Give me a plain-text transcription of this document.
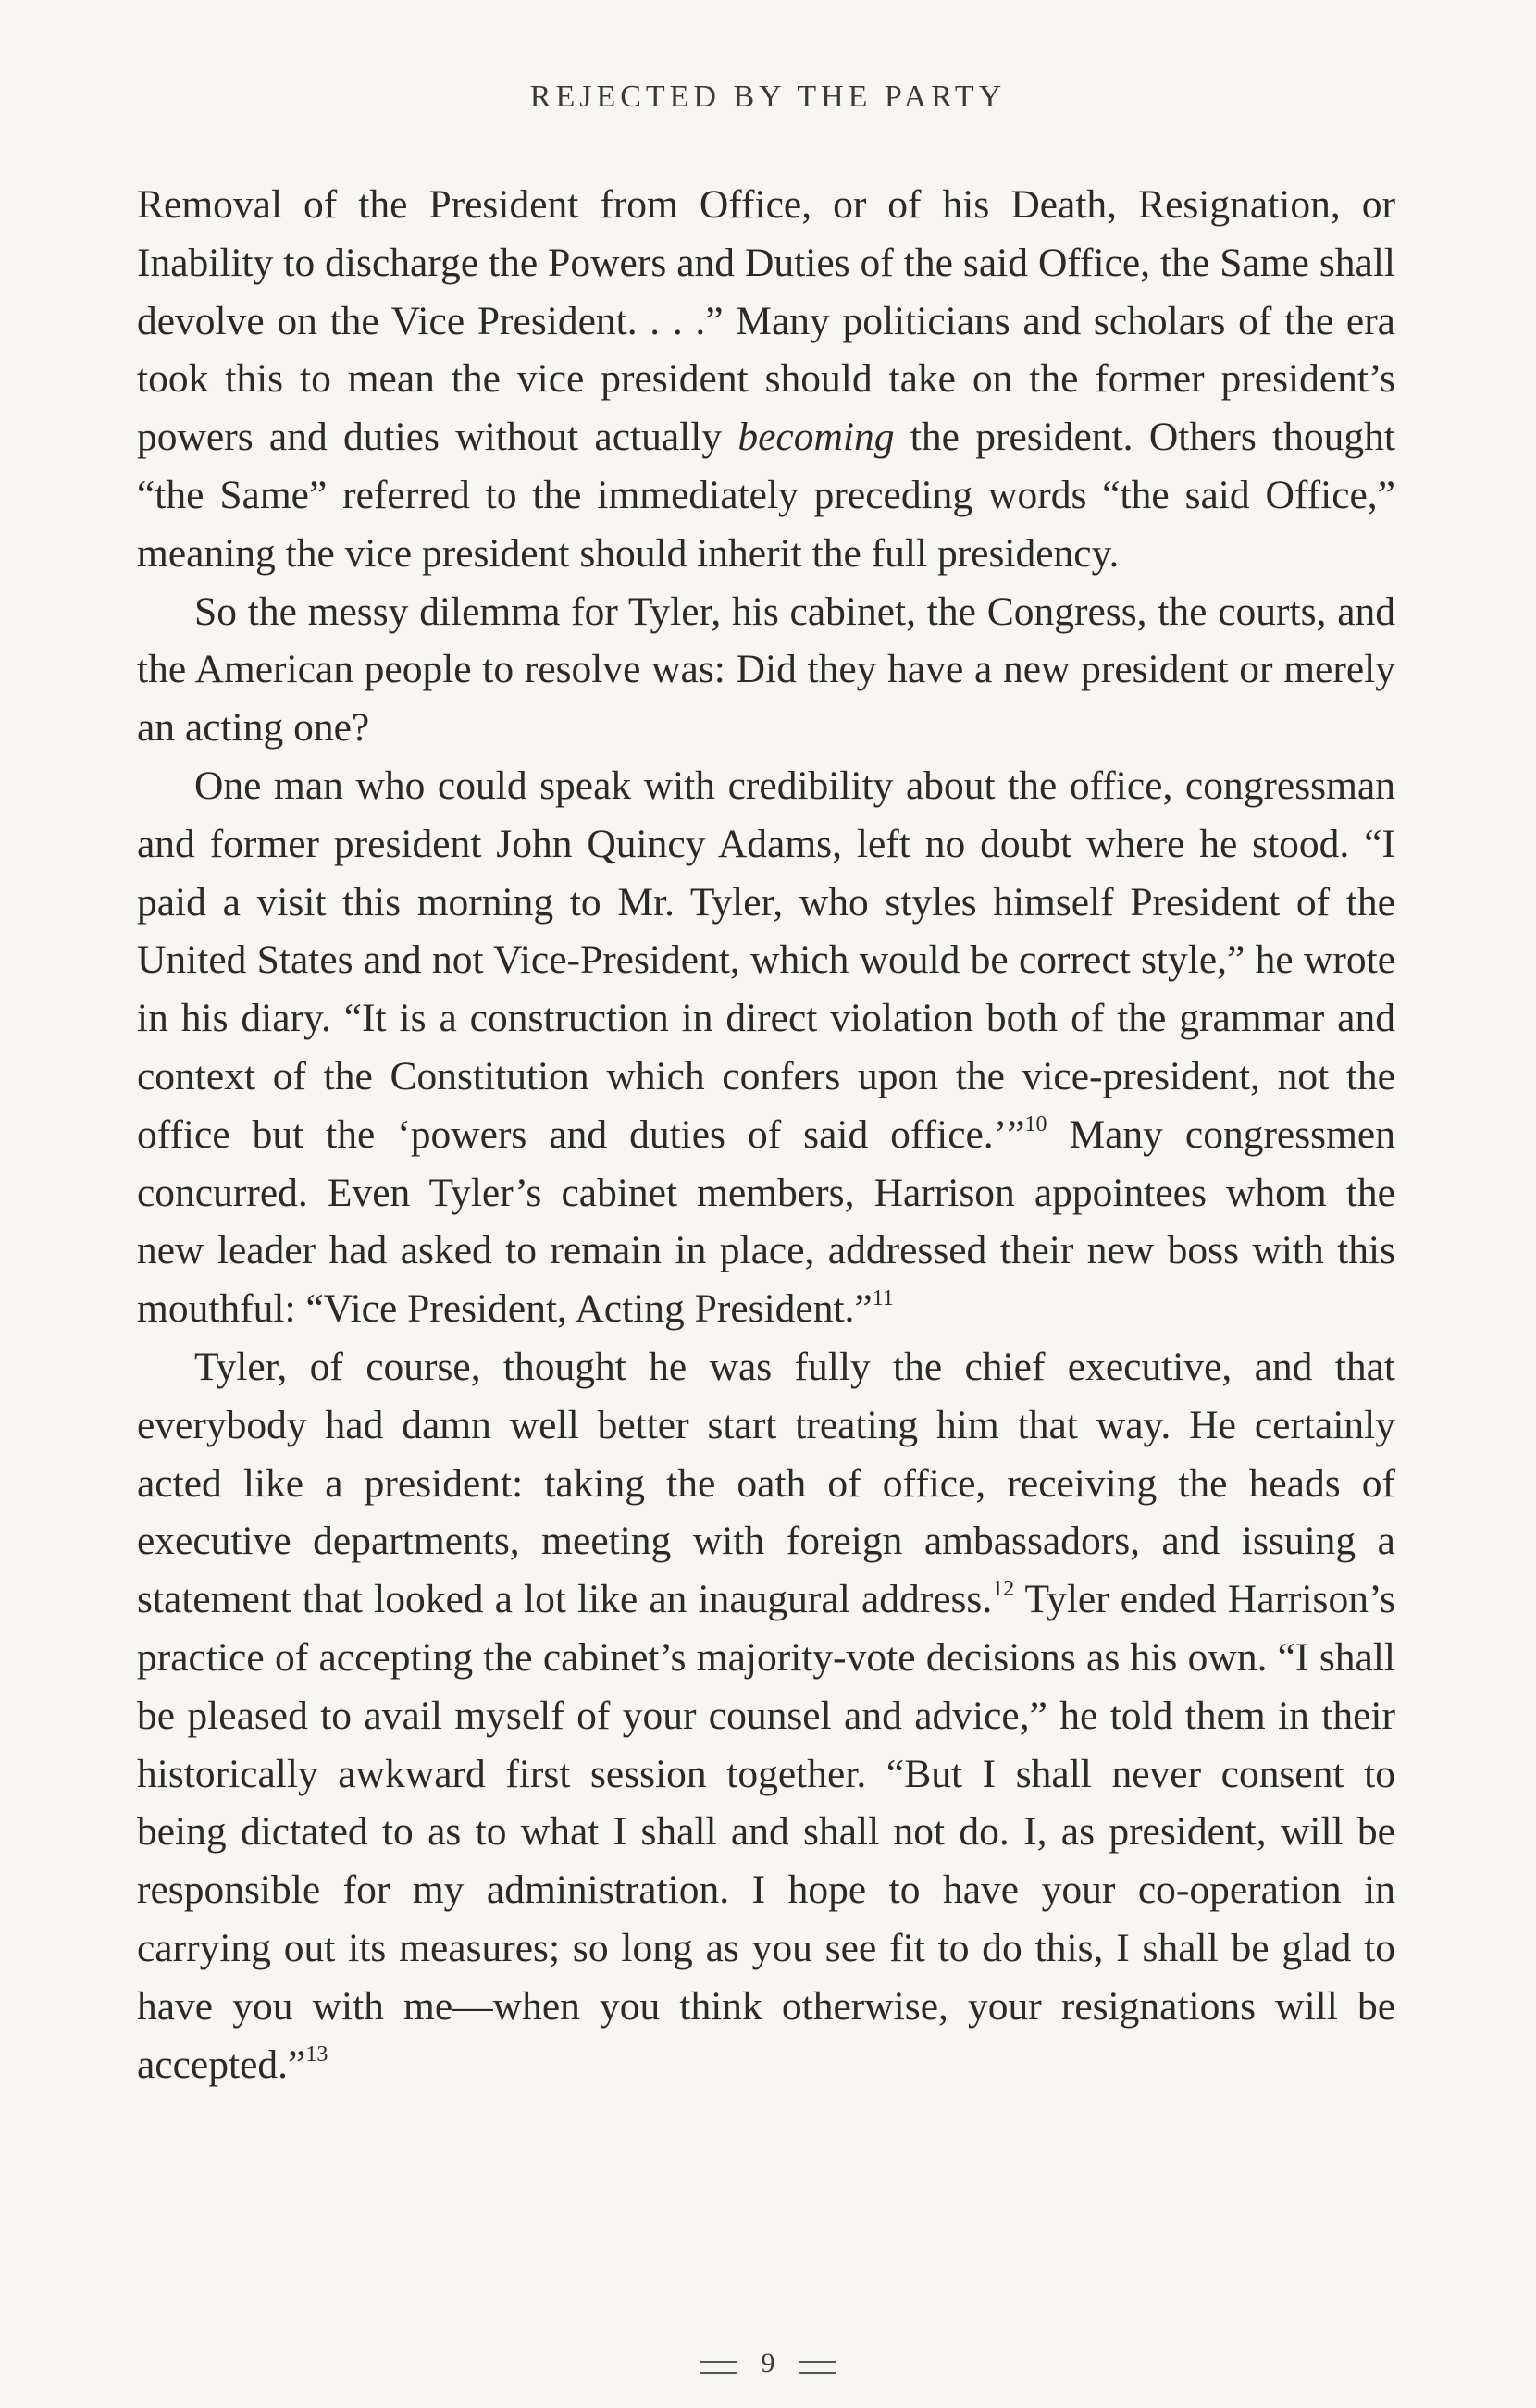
REJECTED BY THE PARTY

Removal of the President from Office, or of his Death, Resignation, or Inability to discharge the Powers and Duties of the said Office, the Same shall devolve on the Vice President. . . .” Many politicians and scholars of the era took this to mean the vice president should take on the former president’s powers and duties without actually becoming the president. Others thought “the Same” referred to the immediately preceding words “the said Office,” meaning the vice president should inherit the full presidency.

So the messy dilemma for Tyler, his cabinet, the Congress, the courts, and the American people to resolve was: Did they have a new president or merely an acting one?

One man who could speak with credibility about the office, congressman and former president John Quincy Adams, left no doubt where he stood. “I paid a visit this morning to Mr. Tyler, who styles himself President of the United States and not Vice-President, which would be correct style,” he wrote in his diary. “It is a construction in direct violation both of the grammar and context of the Constitution which confers upon the vice-president, not the office but the ‘powers and duties of said office.’”$^{10}$ Many congressmen concurred. Even Tyler’s cabinet members, Harrison appointees whom the new leader had asked to remain in place, addressed their new boss with this mouthful: “Vice President, Acting President.”$^{11}$

Tyler, of course, thought he was fully the chief executive, and that everybody had damn well better start treating him that way. He certainly acted like a president: taking the oath of office, receiving the heads of executive departments, meeting with foreign ambassadors, and issuing a statement that looked a lot like an inaugural address.$^{12}$ Tyler ended Harrison’s practice of accepting the cabinet’s majority-vote decisions as his own. “I shall be pleased to avail myself of your counsel and advice,” he told them in their historically awkward first session together. “But I shall never consent to being dictated to as to what I shall and shall not do. I, as president, will be responsible for my administration. I hope to have your co-operation in carrying out its measures; so long as you see fit to do this, I shall be glad to have you with me—when you think otherwise, your resignations will be accepted.”$^{13}$

9
